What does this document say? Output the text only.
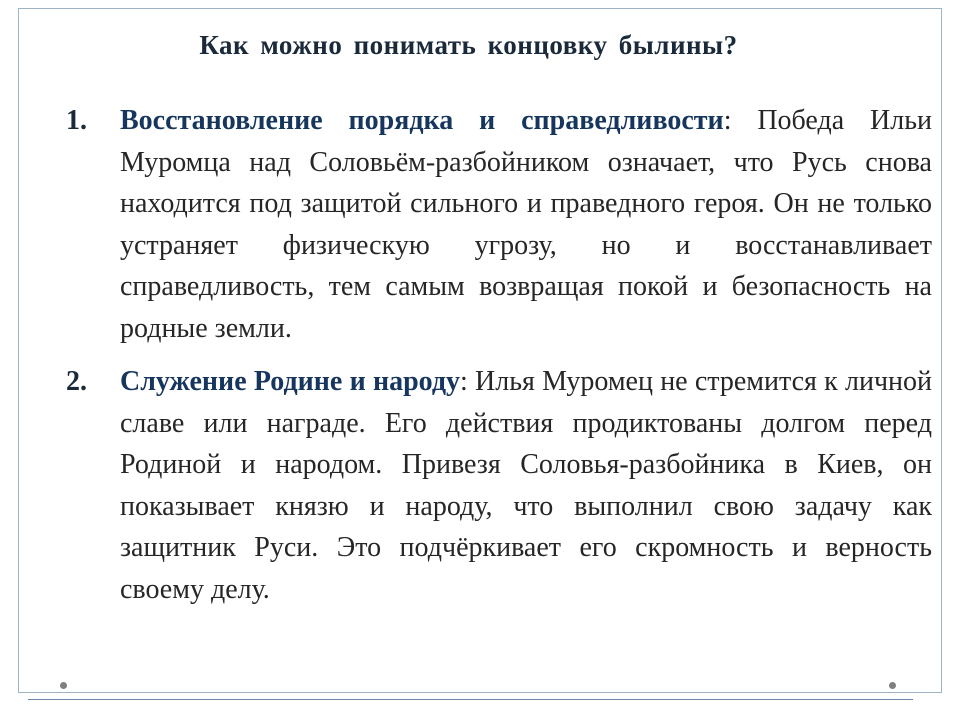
Как можно понимать концовку былины?
1. Восстановление порядка и справедливости: Победа Ильи Муромца над Соловьём-разбойником означает, что Русь снова находится под защитой сильного и праведного героя. Он не только устраняет физическую угрозу, но и восстанавливает справедливость, тем самым возвращая покой и безопасность на родные земли.
2. Служение Родине и народу: Илья Муромец не стремится к личной славе или награде. Его действия продиктованы долгом перед Родиной и народом. Привезя Соловья-разбойника в Киев, он показывает князю и народу, что выполнил свою задачу как защитник Руси. Это подчёркивает его скромность и верность своему делу.
